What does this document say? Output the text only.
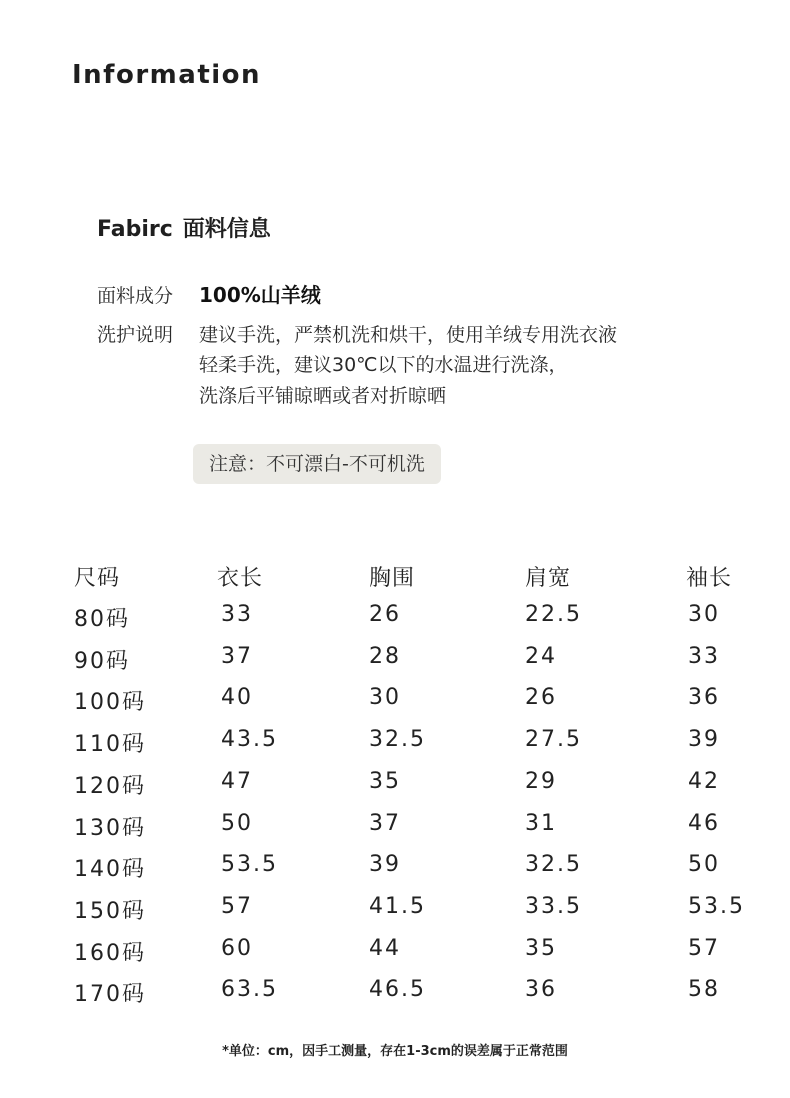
Information
Fabirc 面料信息
面料成分 100%山羊绒
洗护说明	建议手洗，严禁机洗和烘干，使用羊绒专用洗衣液
轻柔手洗，建议30℃以下的水温进行洗涤，
洗涤后平铺晾晒或者对折晾晒
注意：不可漂白-不可机洗
尺码	衣长	胸围	肩宽	袖长
80码	33	26	22.5	30
90码	37	28	24	33
100码	40	30	26	36
110码	43.5	32.5	27.5	39
120码	47	35	29	42
130码	50	37	31	46
140码	53.5	39	32.5	50
150码	57	41.5	33.5	53.5
160码	60	44	35	57
170码	63.5	46.5	36	58
*单位：cm，因手工测量，存在1-3cm的误差属于正常范围
